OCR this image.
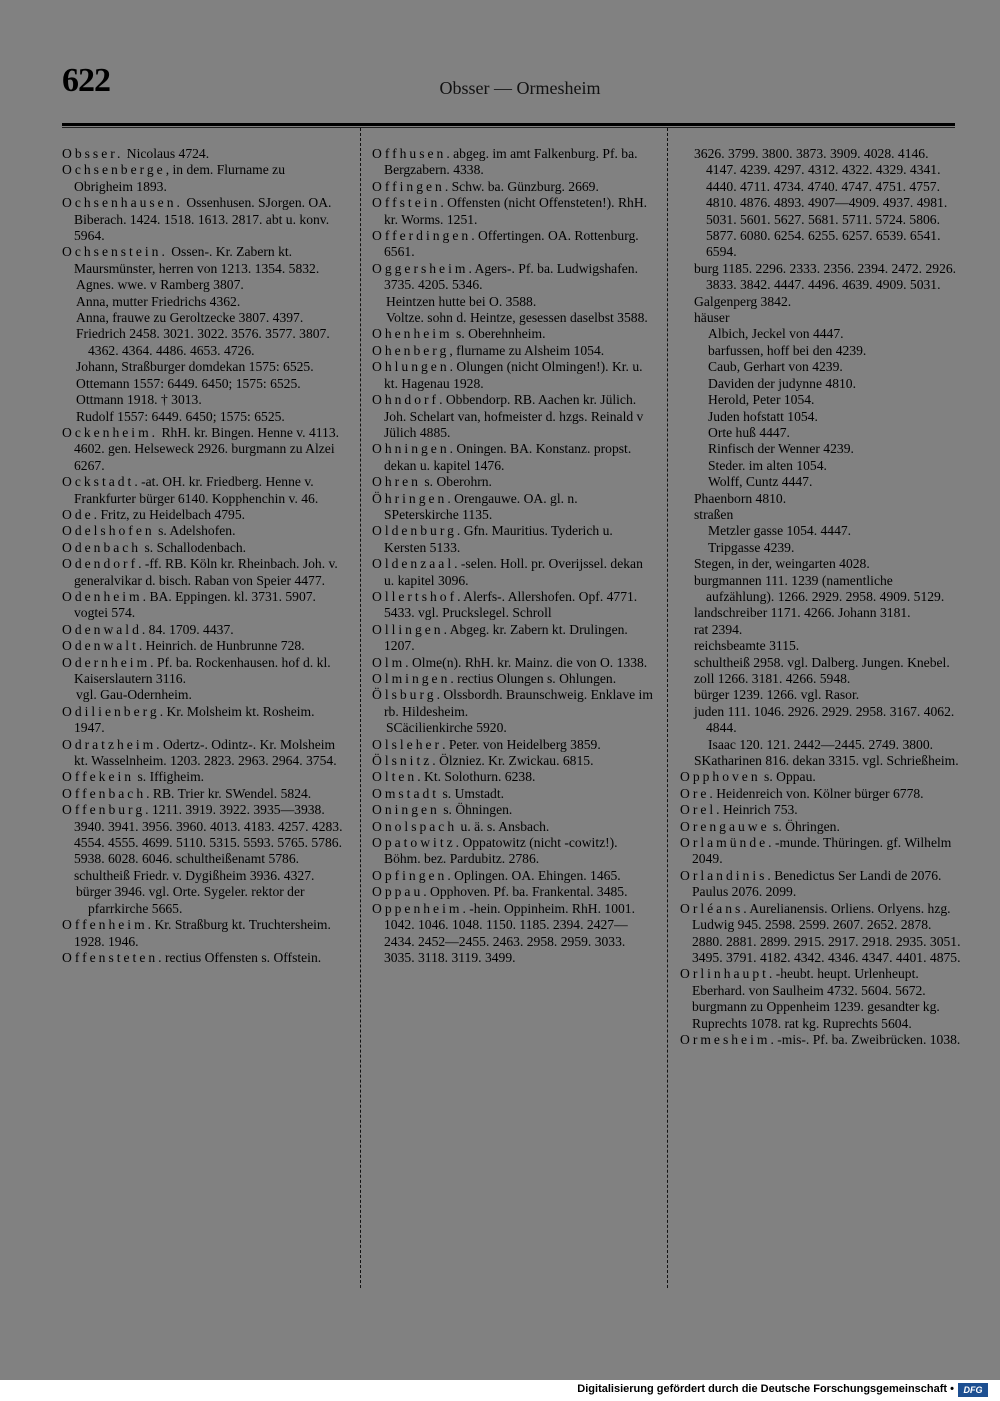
622	Obsser — Ormesheim

Obsser. Nicolaus 4724.

Ochsenberge, in dem. Flurname zu Obrigheim 1893.

Ochsenhausen. Ossenhusen. SJorgen. OA. Biberach. 1424. 1518. 1613. 2817. abt u. konv. 5964.

Ochsenstein. Ossen-. Kr. Zabern kt. Maursmünster, herren von 1213. 1354. 5832.

Agnes. wwe. v Ramberg 3807.

Anna, mutter Friedrichs 4362.

Anna, frauwe zu Geroltzecke 3807. 4397.

Friedrich 2458. 3021. 3022. 3576. 3577. 3807. 4362. 4364. 4486. 4653. 4726.

Johann, Straßburger domdekan 1575: 6525.

Ottemann 1557: 6449. 6450; 1575: 6525.

Ottmann 1918. † 3013.

Rudolf 1557: 6449. 6450; 1575: 6525.

Ockenheim. RhH. kr. Bingen. Henne v. 4113. 4602. gen. Helseweck 2926. burgmann zu Alzei 6267.

Ockstadt. -at. OH. kr. Friedberg. Henne v. Frankfurter bürger 6140. Kopphenchin v. 46.

Ode. Fritz, zu Heidelbach 4795.

Odelshofen s. Adelshofen.

Odenbach s. Schallodenbach.

Odendorf. -ff. RB. Köln kr. Rheinbach. Joh. v. generalvikar d. bisch. Raban von Speier 4477.

Odenheim. BA. Eppingen. kl. 3731. 5907. vogtei 574.

Odenwald. 84. 1709. 4437.

Odenwalt. Heinrich. de Hunbrunne 728.

Odernheim. Pf. ba. Rockenhausen. hof d. kl. Kaiserslautern 3116.

vgl. Gau-Odernheim.

Odilienberg. Kr. Molsheim kt. Rosheim. 1947.

Odratzheim. Odertz-. Odintz-. Kr. Molsheim kt. Wasselnheim. 1203. 2823. 2963. 2964. 3754.

Offekein s. Iffigheim.

Offenbach. RB. Trier kr. SWendel. 5824.

Offenburg. 1211. 3919. 3922. 3935—3938. 3940. 3941. 3956. 3960. 4013. 4183. 4257. 4283. 4554. 4555. 4699. 5110. 5315. 5593. 5765. 5786. 5938. 6028. 6046. schultheißenamt 5786. schultheiß Friedr. v. Dygißheim 3936. 4327.

bürger 3946. vgl. Orte. Sygeler. rektor der pfarrkirche 5665.

Offenheim. Kr. Straßburg kt. Truchtersheim. 1928. 1946.

Offensteten. rectius Offensten s. Offstein.

Offhusen. abgeg. im amt Falkenburg. Pf. ba. Bergzabern. 4338.

Offingen. Schw. ba. Günzburg. 2669.

Offstein. Offensten (nicht Offensteten!). RhH. kr. Worms. 1251.

Offerdingen. Offertingen. OA. Rottenburg. 6561.

Oggersheim. Agers-. Pf. ba. Ludwigshafen. 3735. 4205. 5346.

Heintzen hutte bei O. 3588.

Voltze. sohn d. Heintze, gesessen daselbst 3588.

Ohenheim s. Oberehnheim.

Ohenberg, flurname zu Alsheim 1054.

Ohlungen. Olungen (nicht Olmingen!). Kr. u. kt. Hagenau 1928.

Ohndorf. Obbendorp. RB. Aachen kr. Jülich. Joh. Schelart van, hofmeister d. hzgs. Reinald v Jülich 4885.

Ohningen. Oningen. BA. Konstanz. propst. dekan u. kapitel 1476.

Ohren s. Oberohrn.

Öhringen. Orengauwe. OA. gl. n. SPeterskirche 1135.

Oldenburg. Gfn. Mauritius. Tyderich u. Kersten 5133.

Oldenzaal. -selen. Holl. pr. Overijssel. dekan u. kapitel 3096.

Ollertshof. Alerfs-. Allershofen. Opf. 4771. 5433. vgl. Pruckslegel. Schroll

Ollingen. Abgeg. kr. Zabern kt. Drulingen. 1207.

Olm. Olme(n). RhH. kr. Mainz. die von O. 1338.

Olmingen. rectius Olungen s. Ohlungen.

Ölsburg. Olssbordh. Braunschweig. Enklave im rb. Hildesheim.

SCäcilienkirche 5920.

Olsleher. Peter. von Heidelberg 3859.

Ölsnitz. Ölzniez. Kr. Zwickau. 6815.

Olten. Kt. Solothurn. 6238.

Omstadt s. Umstadt.

Oningen s. Öhningen.

Onolspach u. ä. s. Ansbach.

Opatowitz. Oppatowitz (nicht -cowitz!). Böhm. bez. Pardubitz. 2786.

Opfingen. Oplingen. OA. Ehingen. 1465.

Oppau. Opphoven. Pf. ba. Frankental. 3485.

Oppenheim. -hein. Oppinheim. RhH. 1001. 1042. 1046. 1048. 1150. 1185. 2394. 2427—2434. 2452—2455. 2463. 2958. 2959. 3033. 3035. 3118. 3119. 3499.

3626. 3799. 3800. 3873. 3909. 4028. 4146. 4147. 4239. 4297. 4312. 4322. 4329. 4341. 4440. 4711. 4734. 4740. 4747. 4751. 4757. 4810. 4876. 4893. 4907—4909. 4937. 4981. 5031. 5601. 5627. 5681. 5711. 5724. 5806. 5877. 6080. 6254. 6255. 6257. 6539. 6541. 6594.

burg 1185. 2296. 2333. 2356. 2394. 2472. 2926. 3833. 3842. 4447. 4496. 4639. 4909. 5031.

Galgenperg 3842.

häuser

Albich, Jeckel von 4447.

barfussen, hoff bei den 4239.

Caub, Gerhart von 4239.

Daviden der judynne 4810.

Herold, Peter 1054.

Juden hofstatt 1054.

Orte huß 4447.

Rinfisch der Wenner 4239.

Steder. im alten 1054.

Wolff, Cuntz 4447.

Phaenborn 4810.

straßen

Metzler gasse 1054. 4447.

Tripgasse 4239.

Stegen, in der, weingarten 4028.

burgmannen 111. 1239 (namentliche aufzählung). 1266. 2929. 2958. 4909. 5129.

landschreiber 1171. 4266. Johann 3181.

rat 2394.

reichsbeamte 3115.

schultheiß 2958. vgl. Dalberg. Jungen. Knebel.

zoll 1266. 3181. 4266. 5948.

bürger 1239. 1266. vgl. Rasor.

juden 111. 1046. 2926. 2929. 2958. 3167. 4062. 4844.

Isaac 120. 121. 2442—2445. 2749. 3800.

SKatharinen 816. dekan 3315. vgl. Schrießheim.

Opphoven s. Oppau.

Ore. Heidenreich von. Kölner bürger 6778.

Orel. Heinrich 753.

Orengauwe s. Öhringen.

Orlamünde. -munde. Thüringen. gf. Wilhelm 2049.

Orlandinis. Benedictus Ser Landi de 2076. Paulus 2076. 2099.

Orléans. Aurelianensis. Orliens. Orlyens. hzg. Ludwig 945. 2598. 2599. 2607. 2652. 2878. 2880. 2881. 2899. 2915. 2917. 2918. 2935. 3051. 3495. 3791. 4182. 4342. 4346. 4347. 4401. 4875.

Orlinhaupt. -heubt. heupt. Urlenheupt. Eberhard. von Saulheim 4732. 5604. 5672. burgmann zu Oppenheim 1239. gesandter kg. Ruprechts 1078. rat kg. Ruprechts 5604.

Ormesheim. -mis-. Pf. ba. Zweibrücken. 1038.

Digitalisierung gefördert durch die Deutsche Forschungsgemeinschaft •	DFG
